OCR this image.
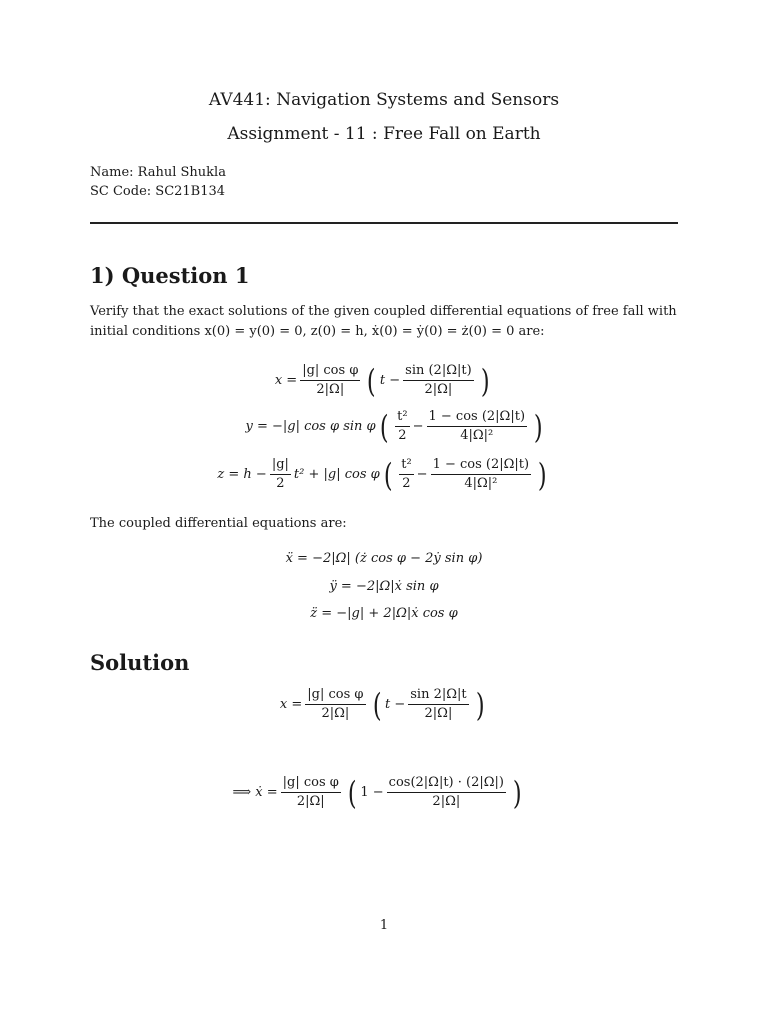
AV441: Navigation Systems and Sensors
Assignment - 11 : Free Fall on Earth
Name: Rahul Shukla
SC Code: SC21B134
1) Question 1
Verify that the exact solutions of the given coupled differential equations of free fall with
initial conditions x(0) = y(0) = 0, z(0) = h, ẋ(0) = ẏ(0) = ż(0) = 0 are:
$x = \frac{\text{|g| cos φ}}{2|\Omega|}$ ( $t - \frac{\sin (2|\Omega|t)}{2|\Omega|}$ )
y = −|g| cos φ sin φ ( $\frac{\text{t²}}{2} - \frac{1 - \cos (2|\Omega|t)}{\text{4|Ω|²}}$ )
$z = h - \frac{|g|}{2} t^2 + |g|$ cos φ ( $\frac{\text{t²}}{2} - \frac{1 - \cos (2|\Omega|t)}{\text{4|Ω|²}}$ )
The coupled differential equations are:
ẍ = −2|Ω| (ż cos φ − 2ẏ sin φ)
ÿ = −2|Ω|ẋ sin φ
z̈ = −|g| + 2|Ω|ẋ cos φ
Solution
$x = \frac{\text{|g| cos φ}}{2|\Omega|}$ ( $t - \frac{\sin 2|\Omega|t}{2|\Omega|}$ )
⟹ ẋ = $\frac{\text{|g| cos φ}}{2|\Omega|}$ ( $1 - \frac{\cos(2|\Omega|t) \cdot (2|\Omega|)}{2|\Omega|}$ )
1
